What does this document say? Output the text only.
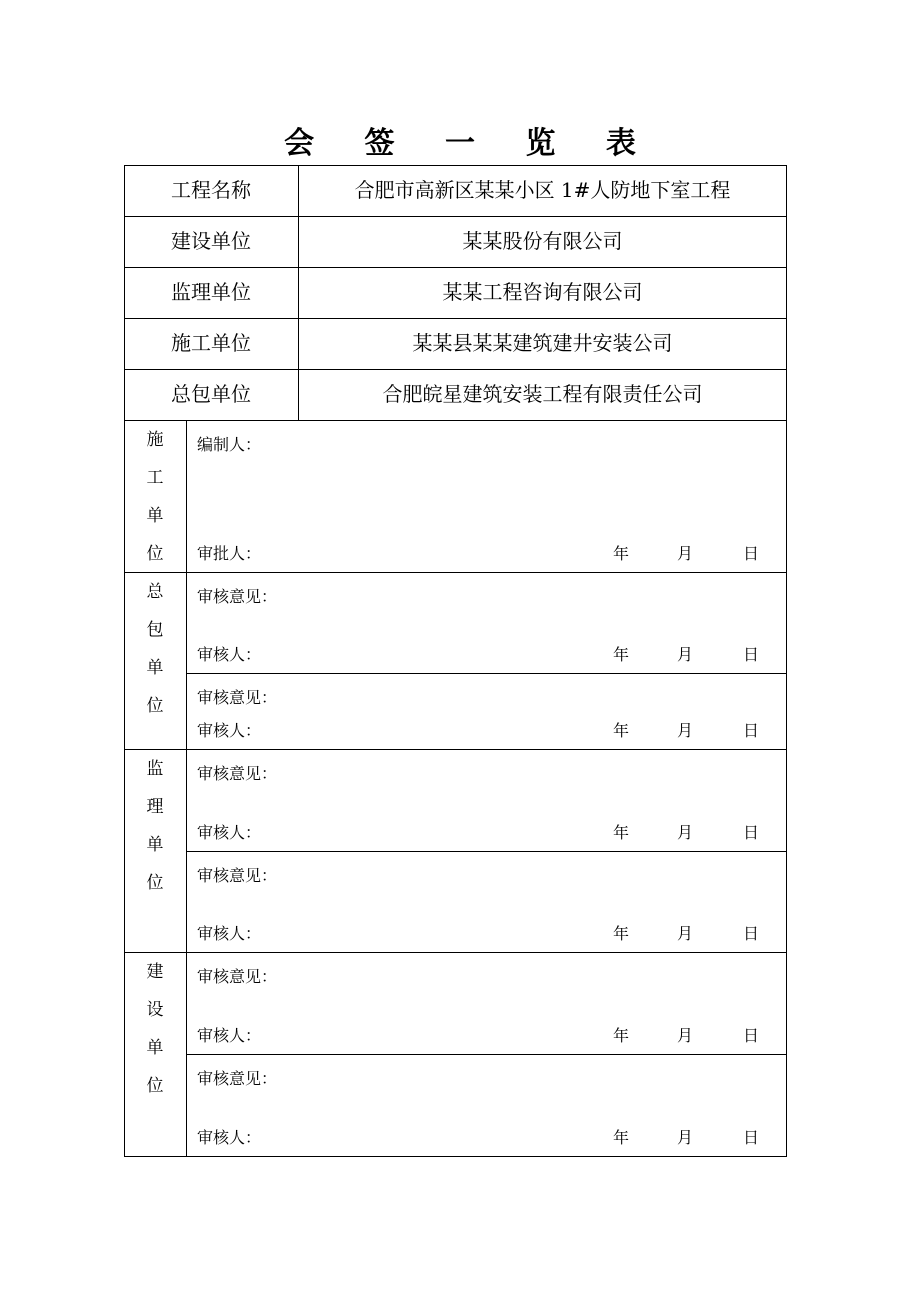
会 签 一 览 表
工程名称	合肥市高新区某某小区 1#人防地下室工程
建设单位	某某股份有限公司
监理单位	某某工程咨询有限公司
施工单位	某某县某某建筑建井安装公司
总包单位	合肥皖星建筑安装工程有限责任公司
施
工
单
位
编制人：
审批人：	年	月	日
总
包
单
位
审核意见：
审核人：	年	月	日
审核意见：
审核人：	年	月	日
监
理
单
位
审核意见：
审核人：	年	月	日
审核意见：
审核人：	年	月	日
建
设
单
位
审核意见：
审核人：	年	月	日
审核意见：
审核人：	年	月	日
